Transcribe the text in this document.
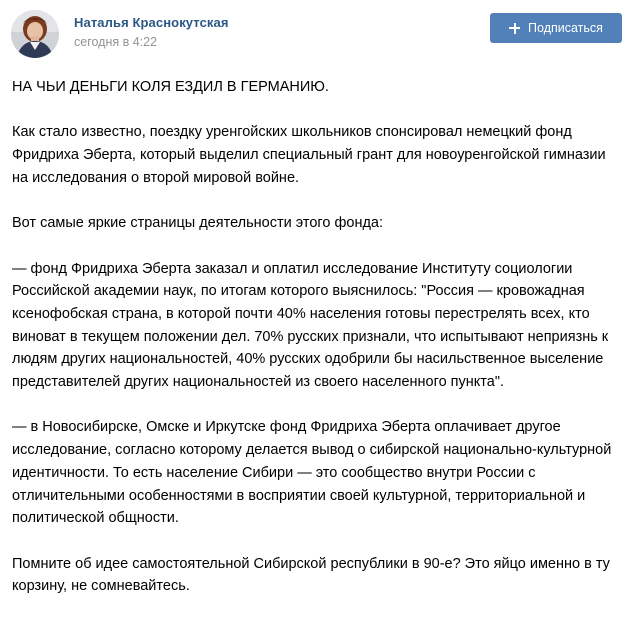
Наталья Краснокутская
сегодня в 4:22
Подписаться

НА ЧЬИ ДЕНЬГИ КОЛЯ ЕЗДИЛ В ГЕРМАНИЮ.

Как стало известно, поездку уренгойских школьников спонсировал немецкий фонд Фридриха Эберта, который выделил специальный грант для новоуренгойской гимназии на исследования о второй мировой войне.

Вот самые яркие страницы деятельности этого фонда:

— фонд Фридриха Эберта заказал и оплатил исследование Институту социологии Российской академии наук, по итогам которого выяснилось: "Россия — кровожадная ксенофобская страна, в которой почти 40% населения готовы перестрелять всех, кто виноват в текущем положении дел. 70% русских признали, что испытывают неприязнь к людям других национальностей, 40% русских одобрили бы насильственное выселение представителей других национальностей из своего населенного пункта".

— в Новосибирске, Омске и Иркутске фонд Фридриха Эберта оплачивает другое исследование, согласно которому делается вывод о сибирской национально-культурной идентичности. То есть население Сибири — это сообщество внутри России с отличительными особенностями в восприятии своей культурной, территориальной и политической общности.

Помните об идее самостоятельной Сибирской республики в 90-е? Это яйцо именно в ту корзину, не сомневайтесь.
